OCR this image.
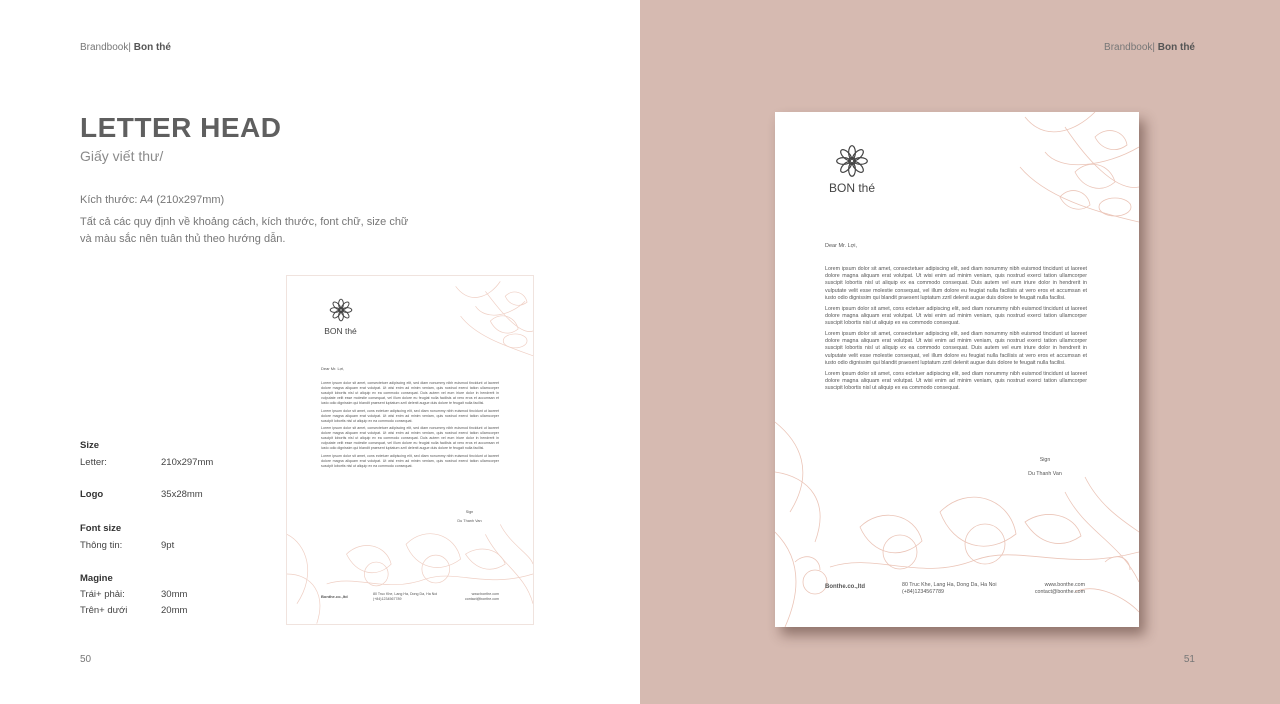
Brandbook| Bon thé
LETTER HEAD
Giấy viết thư/
Kích thước: A4 (210x297mm)
Tất cả các quy định về khoảng cách, kích thước, font chữ, size chữ và màu sắc nên tuân thủ theo hướng dẫn.
Size
Letter:	210x297mm
Logo	35x28mm
Font size
Thông tin:	9pt
Magine
Trái+ phải:	30mm
Trên+ dưới	20mm
50
BON thé
Dear Mr. Lợi,

Lorem ipsum dolor sit amet, consectetuer adipiscing elit, sed diam nonummy nibh euismod tincidunt ut laoreet dolore magna aliquam erat volutpat. Ut wisi enim ad minim veniam, quis nostrud exerci tation ullamcorper suscipit lobortis nisl ut aliquip ex ea commodo consequat. Duis autem vel eum iriure dolor in hendrerit in vulputate velit esse molestie consequat, vel illum dolore eu feugiat nulla facilisis at vero eros et accumsan et iusto odio dignissim qui blandit praesent luptatum zzril delenit augue duis dolore te feugait nulla facilisi.

Lorem ipsum dolor sit amet, cons ectetuer adipiscing elit, sed diam nonummy nibh euismod tincidunt ut laoreet dolore magna aliquam erat volutpat. Ut wisi enim ad minim veniam, quis nostrud exerci tation ullamcorper suscipit lobortis nisl ut aliquip ex ea commodo consequat.

Lorem ipsum dolor sit amet, consectetuer adipiscing elit, sed diam nonummy nibh euismod tincidunt ut laoreet dolore magna aliquam erat volutpat. Ut wisi enim ad minim veniam, quis nostrud exerci tation ullamcorper suscipit lobortis nisl ut aliquip ex ea commodo consequat. Duis autem vel eum iriure dolor in hendrerit in vulputate velit esse molestie consequat, vel illum dolore eu feugiat nulla facilisis at vero eros et accumsan et iusto odio dignissim qui blandit praesent luptatum zzril delenit augue duis dolore te feugait nulla facilisi.

Lorem ipsum dolor sit amet, cons ectetuer adipiscing elit, sed diam nonummy nibh euismod tincidunt ut laoreet dolore magna aliquam erat volutpat. Ut wisi enim ad minim veniam, quis nostrud exerci tation ullamcorper suscipit lobortis nisl ut aliquip ex ea commodo consequat.

Sign
Du Thanh Van
Bonthe.co.,ltd	80 Truc Khe, Lang Ha, Dong Da, Ha Noi
(+84)1234567789
www.bonthe.com
contact@bonthe.com
Brandbook| Bon thé
51
BON thé
Dear Mr. Lợi,

Lorem ipsum dolor sit amet, consectetuer adipiscing elit, sed diam nonummy nibh euismod tincidunt ut laoreet dolore magna aliquam erat volutpat. Ut wisi enim ad minim veniam, quis nostrud exerci tation ullamcorper suscipit lobortis nisl ut aliquip ex ea commodo consequat. Duis autem vel eum iriure dolor in hendrerit in vulputate velit esse molestie consequat, vel illum dolore eu feugiat nulla facilisis at vero eros et accumsan et iusto odio dignissim qui blandit praesent luptatum zzril delenit augue duis dolore te feugait nulla facilisi.

Lorem ipsum dolor sit amet, cons ectetuer adipiscing elit, sed diam nonummy nibh euismod tincidunt ut laoreet dolore magna aliquam erat volutpat. Ut wisi enim ad minim veniam, quis nostrud exerci tation ullamcorper suscipit lobortis nisl ut aliquip ex ea commodo consequat.

Lorem ipsum dolor sit amet, consectetuer adipiscing elit, sed diam nonummy nibh euismod tincidunt ut laoreet dolore magna aliquam erat volutpat. Ut wisi enim ad minim veniam, quis nostrud exerci tation ullamcorper suscipit lobortis nisl ut aliquip ex ea commodo consequat. Duis autem vel eum iriure dolor in hendrerit in vulputate velit esse molestie consequat, vel illum dolore eu feugiat nulla facilisis at vero eros et accumsan et iusto odio dignissim qui blandit praesent luptatum zzril delenit augue duis dolore te feugait nulla facilisi.

Lorem ipsum dolor sit amet, cons ectetuer adipiscing elit, sed diam nonummy nibh euismod tincidunt ut laoreet dolore magna aliquam erat volutpat. Ut wisi enim ad minim veniam, quis nostrud exerci tation ullamcorper suscipit lobortis nisl ut aliquip ex ea commodo consequat.

Sign
Du Thanh Van
Bonthe.co.,ltd	80 Truc Khe, Lang Ha, Dong Da, Ha Noi
(+84)1234567789
www.bonthe.com
contact@bonthe.com
